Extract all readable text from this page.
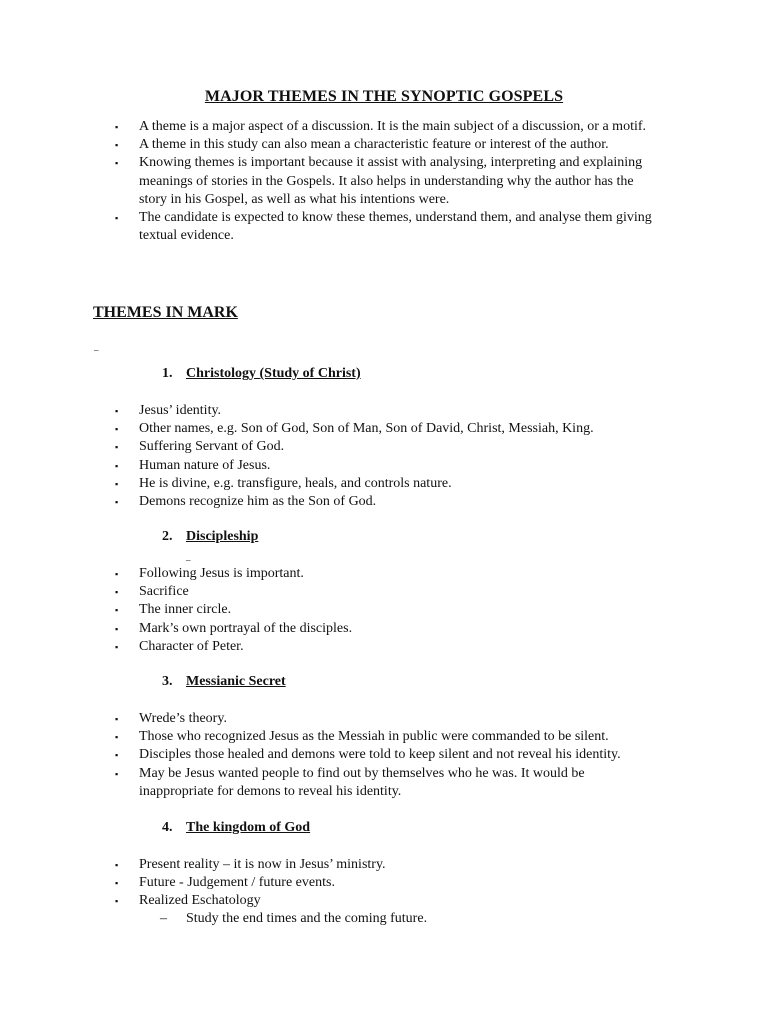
MAJOR THEMES IN THE SYNOPTIC GOSPELS
▪ A theme is a major aspect of a discussion. It is the main subject of a discussion, or a motif.
▪ A theme in this study can also mean a characteristic feature or interest of the author.
▪ Knowing themes is important because it assist with analysing, interpreting and explaining meanings of stories in the Gospels. It also helps in understanding why the author has the story in his Gospel, as well as what his intentions were.
▪ The candidate is expected to know these themes, understand them, and analyse them giving textual evidence.
THEMES IN MARK
_
1. Christology (Study of Christ)
▪ Jesus’ identity.
▪ Other names, e.g. Son of God, Son of Man, Son of David, Christ, Messiah, King.
▪ Suffering Servant of God.
▪ Human nature of Jesus.
▪ He is divine, e.g. transfigure, heals, and controls nature.
▪ Demons recognize him as the Son of God.
2. Discipleship
_
▪ Following Jesus is important.
▪ Sacrifice
▪ The inner circle.
▪ Mark’s own portrayal of the disciples.
▪ Character of Peter.
3. Messianic Secret
▪ Wrede’s theory.
▪ Those who recognized Jesus as the Messiah in public were commanded to be silent.
▪ Disciples those healed and demons were told to keep silent and not reveal his identity.
▪ May be Jesus wanted people to find out by themselves who he was. It would be inappropriate for demons to reveal his identity.
4. The kingdom of God
▪ Present reality – it is now in Jesus’ ministry.
▪ Future - Judgement / future events.
▪ Realized Eschatology
– Study the end times and the coming future.
